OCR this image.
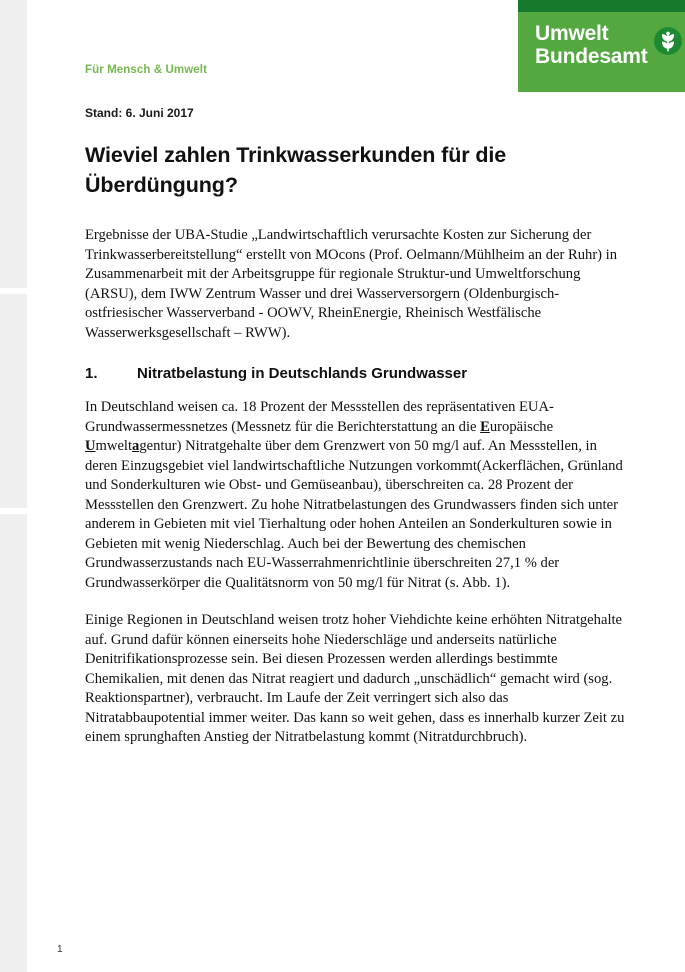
Umwelt
Bundesamt
Für Mensch & Umwelt
Stand: 6. Juni 2017
Wieviel zahlen Trinkwasserkunden für die Überdüngung?

Ergebnisse der UBA-Studie „Landwirtschaftlich verursachte Kosten zur Sicherung der Trinkwasserbereitstellung“ erstellt von MOcons (Prof. Oelmann/Mühlheim an der Ruhr) in Zusammenarbeit mit der Arbeitsgruppe für regionale Struktur-und Umweltforschung (ARSU), dem IWW Zentrum Wasser und drei Wasserversorgern (Oldenburgisch-ostfriesischer Wasserverband - OOWV, RheinEnergie, Rheinisch Westfälische Wasserwerksgesellschaft – RWW).

1.	Nitratbelastung in Deutschlands Grundwasser

In Deutschland weisen ca. 18 Prozent der Messstellen des repräsentativen EUA-Grundwassermessnetzes (Messnetz für die Berichterstattung an die Europäische Umweltagentur) Nitratgehalte über dem Grenzwert von 50 mg/l auf. An Messstellen, in deren Einzugsgebiet viel landwirtschaftliche Nutzungen vorkommt(Ackerflächen, Grünland und Sonderkulturen wie Obst- und Gemüseanbau), überschreiten ca. 28 Prozent der Messstellen den Grenzwert. Zu hohe Nitratbelastungen des Grundwassers finden sich unter anderem in Gebieten mit viel Tierhaltung oder hohen Anteilen an Sonderkulturen sowie in Gebieten mit wenig Niederschlag. Auch bei der Bewertung des chemischen Grundwasserzustands nach EU-Wasserrahmenrichtlinie überschreiten 27,1 % der Grundwasserkörper die Qualitätsnorm von 50 mg/l für Nitrat (s. Abb. 1).

Einige Regionen in Deutschland weisen trotz hoher Viehdichte keine erhöhten Nitratgehalte auf. Grund dafür können einerseits hohe Niederschläge und anderseits natürliche Denitrifikationsprozesse sein. Bei diesen Prozessen werden allerdings bestimmte Chemikalien, mit denen das Nitrat reagiert und dadurch „unschädlich“ gemacht wird (sog. Reaktionspartner), verbraucht. Im Laufe der Zeit verringert sich also das Nitratabbaupotential immer weiter. Das kann so weit gehen, dass es innerhalb kurzer Zeit zu einem sprunghaften Anstieg der Nitratbelastung kommt (Nitratdurchbruch).

1
